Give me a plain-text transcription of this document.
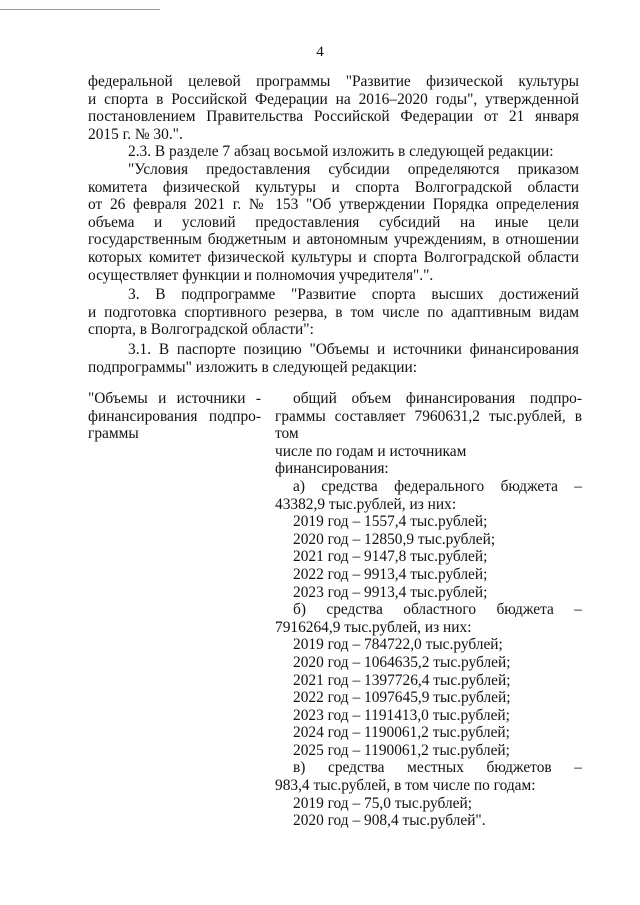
4
федеральной целевой программы "Развитие физической культуры
и спорта в Российской Федерации на 2016–2020 годы", утвержденной
постановлением Правительства Российской Федерации от 21 января
2015 г. № 30.".
2.3. В разделе 7 абзац восьмой изложить в следующей редакции:
"Условия предоставления субсидии определяются приказом
комитета физической культуры и спорта Волгоградской области
от 26 февраля 2021 г. № 153 "Об утверждении Порядка определения
объема и условий предоставления субсидий на иные цели
государственным бюджетным и автономным учреждениям, в отношении
которых комитет физической культуры и спорта Волгоградской области
осуществляет функции и полномочия учредителя".".
3. В подпрограмме "Развитие спорта высших достижений
и подготовка спортивного резерва, в том числе по адаптивным видам
спорта, в Волгоградской области":
3.1. В паспорте позицию "Объемы и источники финансирования
подпрограммы" изложить в следующей редакции:
"Объемы и источники -
финансирования подпро-
граммы
общий объем финансирования подпро-
граммы составляет 7960631,2 тыс.рублей, в том
числе по годам и источникам финансирования:
а) средства федерального бюджета –
43382,9 тыс.рублей, из них:
2019 год – 1557,4 тыс.рублей;
2020 год – 12850,9 тыс.рублей;
2021 год – 9147,8 тыс.рублей;
2022 год – 9913,4 тыс.рублей;
2023 год – 9913,4 тыс.рублей;
б) средства областного бюджета –
7916264,9 тыс.рублей, из них:
2019 год – 784722,0 тыс.рублей;
2020 год – 1064635,2 тыс.рублей;
2021 год – 1397726,4 тыс.рублей;
2022 год – 1097645,9 тыс.рублей;
2023 год – 1191413,0 тыс.рублей;
2024 год – 1190061,2 тыс.рублей;
2025 год – 1190061,2 тыс.рублей;
в) средства местных бюджетов –
983,4 тыс.рублей, в том числе по годам:
2019 год – 75,0 тыс.рублей;
2020 год – 908,4 тыс.рублей".
